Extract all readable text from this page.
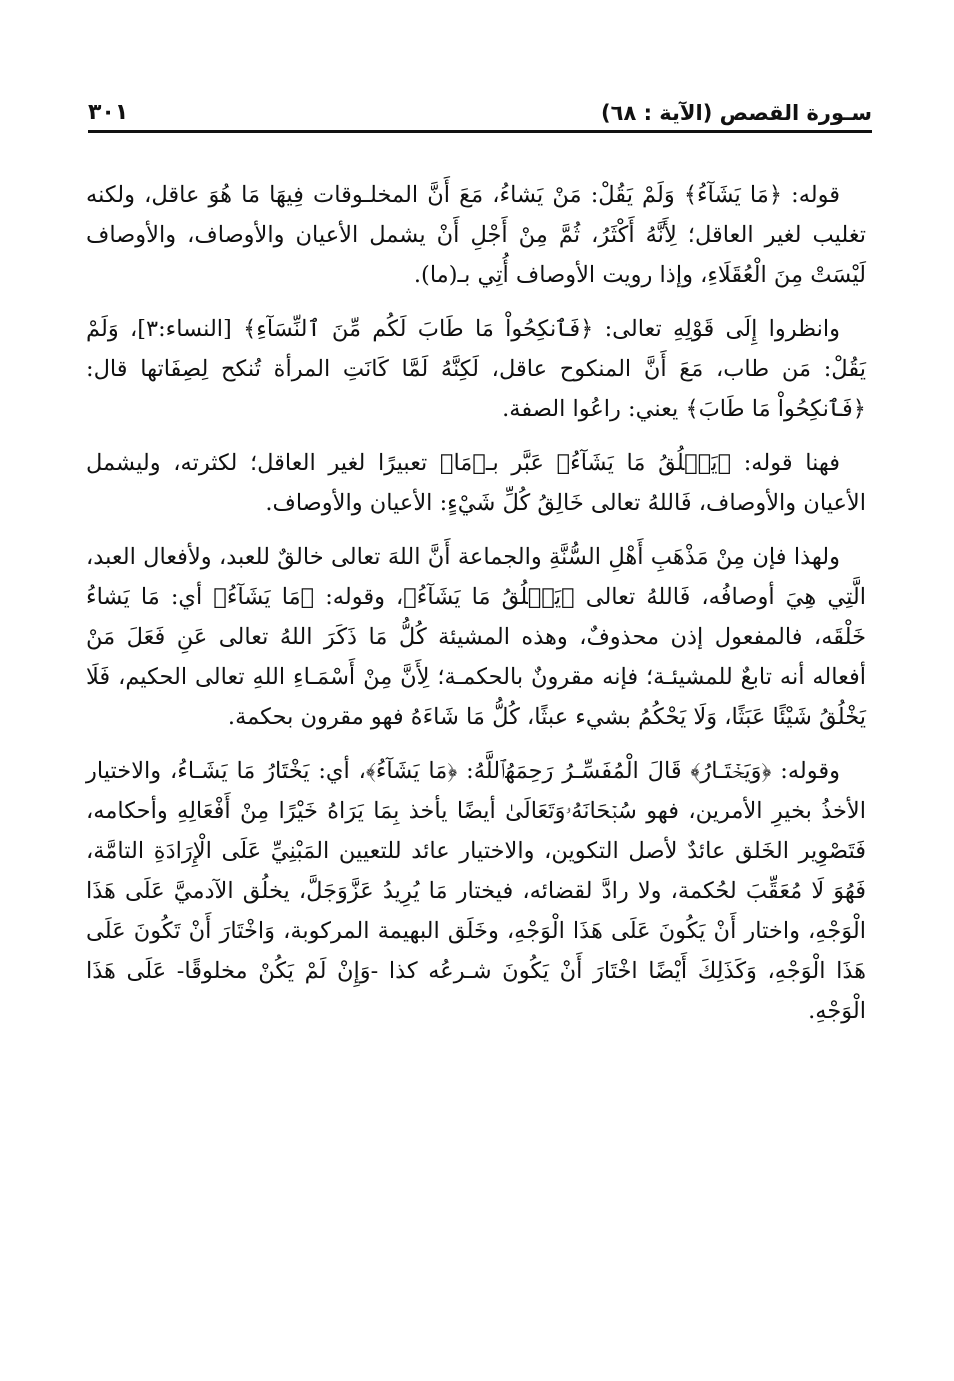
سـورة القصص (الآية : ٦٨)
٣٠١

قوله: ﴿مَا يَشَآءُ﴾ وَلَمْ يَقُلْ: مَنْ يَشاءُ، مَعَ أَنَّ المخلـوقات فِيهَا مَا هُوَ عاقل، ولكنه تغليب لغير العاقل؛ لِأَنَّهُ أَكْثَرُ، ثُمَّ مِنْ أَجْلِ أَنْ يشمل الأعيان والأوصاف، والأوصاف لَيْسَتْ مِنَ الْعُقَلَاءِ، وإذا رويت الأوصاف أُتِي بـ(ما).

وانظروا إِلَى قَوْلِهِ تعالى: ﴿فَٱنكِحُواْ مَا طَابَ لَكُم مِّنَ ٱلنِّسَآءِ﴾ [النساء:٣]، وَلَمْ يَقُلْ: مَن طاب، مَعَ أَنَّ المنكوح عاقل، لَكِنَّهُ لَمَّا كَانَتِ المرأة تُنكح لِصِفَاتها قال: ﴿فَٱنكِحُواْ مَا طَابَ﴾ يعني: راعُوا الصفة.

فهنا قوله: ﴿يَخۡلُقُ مَا يَشَآءُ﴾ عَبَّر بـ﴿مَا﴾ تعبيرًا لغير العاقل؛ لكثرته، وليشمل الأعيان والأوصاف، فَاللهُ تعالى خَالِقُ كُلِّ شَيْءٍ: الأعيان والأوصاف.

ولهذا فإن مِنْ مَذْهَبِ أَهْلِ السُّنَّةِ والجماعة أَنَّ اللهَ تعالى خالقٌ للعبد، ولأفعال العبد، الَّتِي هِيَ أوصافُه، فَاللهُ تعالى ﴿يَخۡلُقُ مَا يَشَآءُ﴾، وقوله: ﴿مَا يَشَآءُ﴾ أي: مَا يَشاءُ خَلْقَه، فالمفعول إذن محذوفٌ، وهذه المشيئة كُلُّ مَا ذَكَرَ اللهُ تعالى عَنِ فَعَلَ مَنْ أفعاله أنه تابعٌ للمشيئـة؛ فإنه مقرونٌ بالحكمـة؛ لِأَنَّ مِنْ أَسْمَـاءِ اللهِ تعالى الحكيم، فَلَا يَخْلُقُ شَيْئًا عَبَثًا، وَلَا يَحْكُمُ بشيء عبثًا، كُلُّ مَا شَاءَهُ فهو مقرون بحكمة.

وقوله: ﴿وَيَخۡتَـارُ﴾ قَالَ الْمُفَسِّـرُ رَحِمَهُٱللَّهُ: ﴿مَا يَشَآءُ﴾، أي: يَخْتَارُ مَا يَشَـاءُ، والاختيار الأخذُ بخيرِ الأمرين، فهو سُبۡحَانَهُۥوَتَعَالَىٰ أيضًا يأخذ بِمَا يَرَاهُ خَيْرًا مِنْ أَفْعَالِهِ وأحكامه، فَتَصْوِير الخَلق عائدٌ لأصل التكوين، والاختيار عائد للتعيين المَبْنِيِّ عَلَى الْإِرَادَةِ التامَّة، فَهُوَ لَا مُعَقِّبَ لحُكمة، ولا رادَّ لقضائه، فيختار مَا يُرِيدُ عَزَّوَجَلَّ، يخلُق الآدميَّ عَلَى هَذَا الْوَجْهِ، واختار أَنْ يَكُونَ عَلَى هَذَا الْوَجْهِ، وخَلَق البهيمة المركوبة، وَاخْتَارَ أَنْ تَكُونَ عَلَى هَذَا الْوَجْهِ، وَكَذَلِكَ أَيْضًا اخْتَارَ أَنْ يَكُونَ شـرعُه كذا -وَإِنْ لَمْ يَكُنْ مخلوقًا- عَلَى هَذَا الْوَجْهِ.
